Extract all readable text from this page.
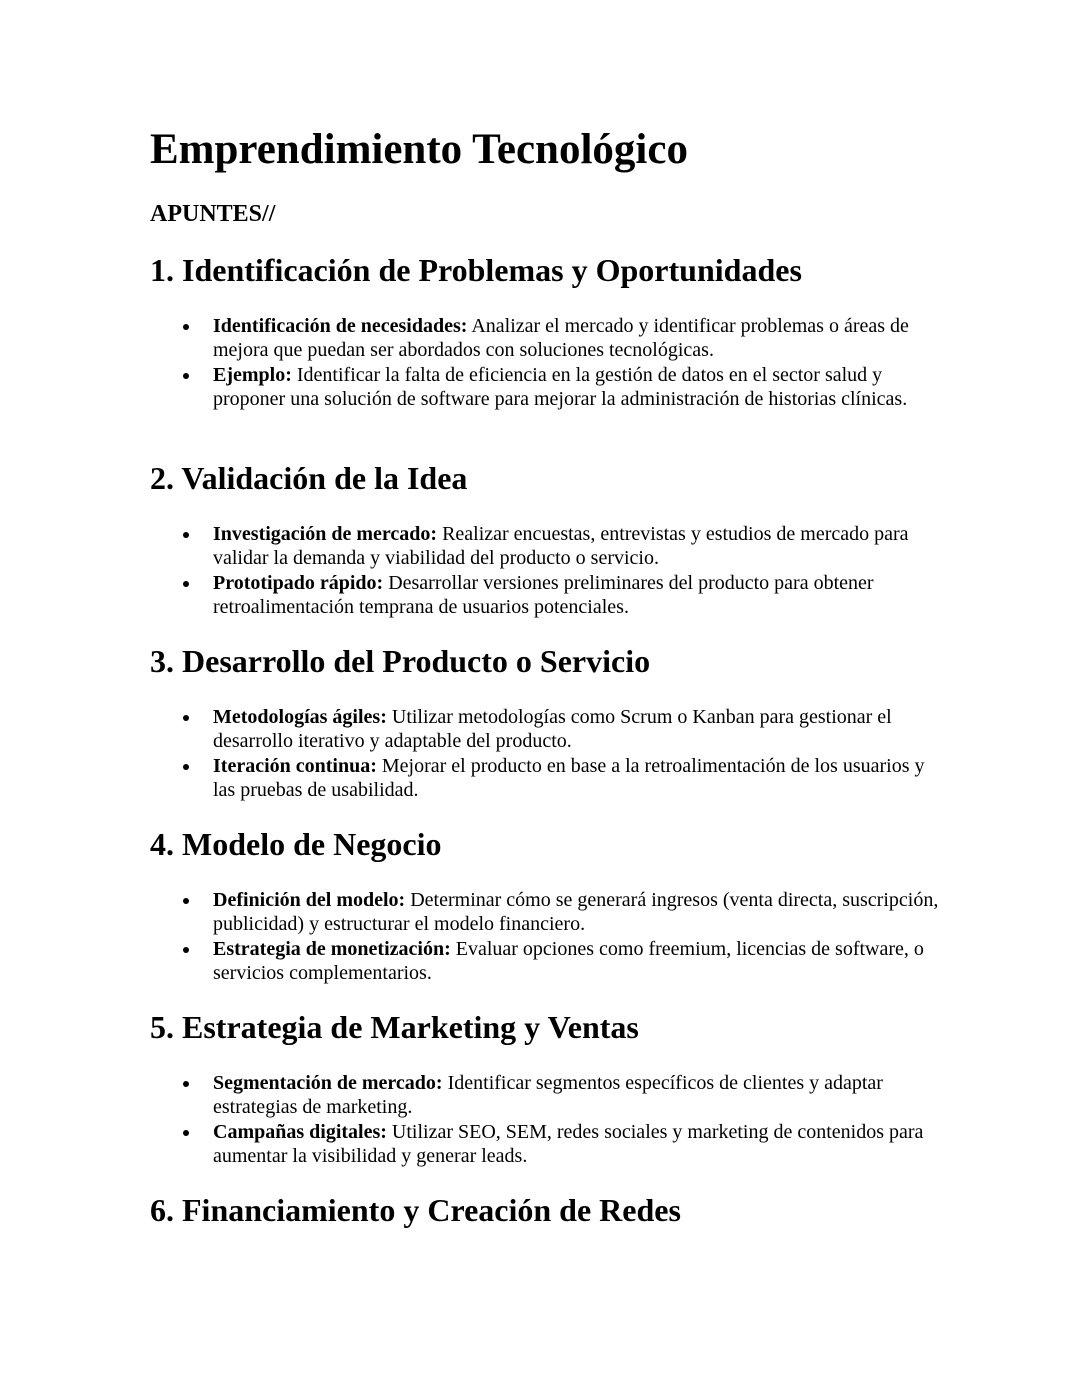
Emprendimiento Tecnológico

APUNTES//

1. Identificación de Problemas y Oportunidades
Identificación de necesidades: Analizar el mercado y identificar problemas o áreas de mejora que puedan ser abordados con soluciones tecnológicas.
Ejemplo: Identificar la falta de eficiencia en la gestión de datos en el sector salud y proponer una solución de software para mejorar la administración de historias clínicas.
2. Validación de la Idea
Investigación de mercado: Realizar encuestas, entrevistas y estudios de mercado para validar la demanda y viabilidad del producto o servicio.
Prototipado rápido: Desarrollar versiones preliminares del producto para obtener retroalimentación temprana de usuarios potenciales.
3. Desarrollo del Producto o Servicio
Metodologías ágiles: Utilizar metodologías como Scrum o Kanban para gestionar el desarrollo iterativo y adaptable del producto.
Iteración continua: Mejorar el producto en base a la retroalimentación de los usuarios y las pruebas de usabilidad.
4. Modelo de Negocio
Definición del modelo: Determinar cómo se generará ingresos (venta directa, suscripción, publicidad) y estructurar el modelo financiero.
Estrategia de monetización: Evaluar opciones como freemium, licencias de software, o servicios complementarios.
5. Estrategia de Marketing y Ventas
Segmentación de mercado: Identificar segmentos específicos de clientes y adaptar estrategias de marketing.
Campañas digitales: Utilizar SEO, SEM, redes sociales y marketing de contenidos para aumentar la visibilidad y generar leads.
6. Financiamiento y Creación de Redes
